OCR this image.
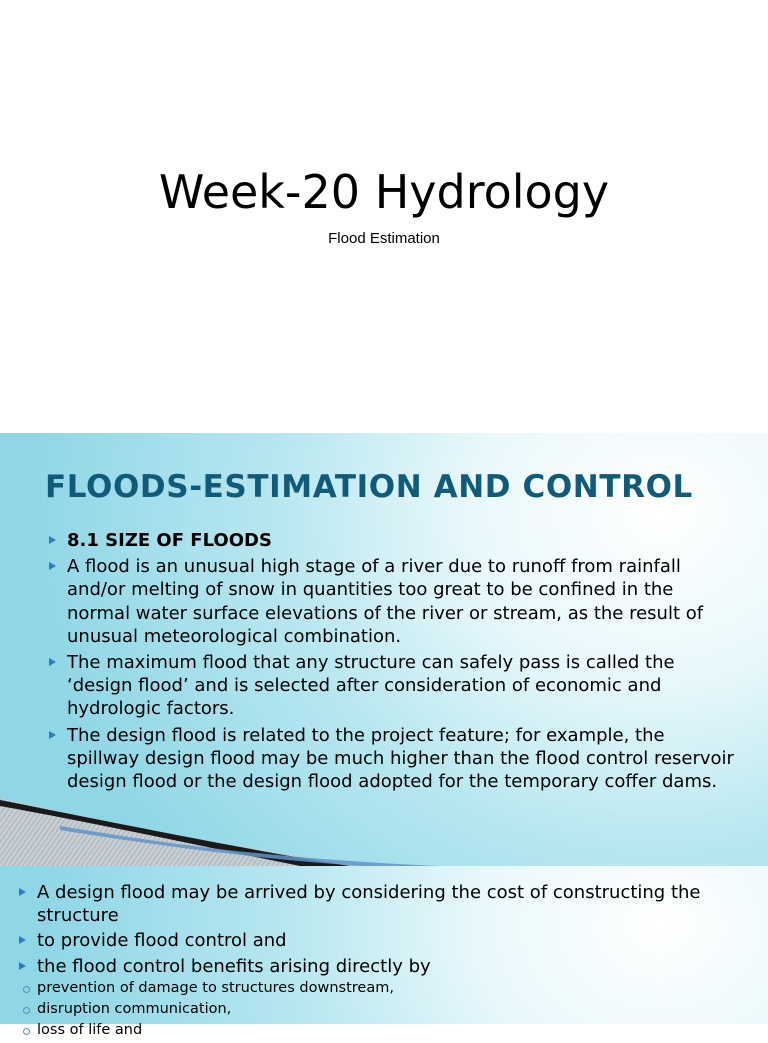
Week-20 Hydrology
Flood Estimation
FLOODS-ESTIMATION AND CONTROL
8.1 SIZE OF FLOODS
A flood is an unusual high stage of a river due to runoff from rainfall and/or melting of snow in quantities too great to be confined in the normal water surface elevations of the river or stream, as the result of unusual meteorological combination.
The maximum flood that any structure can safely pass is called the ‘design flood’ and is selected after consideration of economic and hydrologic factors.
The design flood is related to the project feature; for example, the spillway design flood may be much higher than the flood control reservoir design flood or the design flood adopted for the temporary coffer dams.
A design flood may be arrived by considering the cost of constructing the structure
to provide flood control and
the flood control benefits arising directly by
prevention of damage to structures downstream,
disruption communication,
loss of life and
